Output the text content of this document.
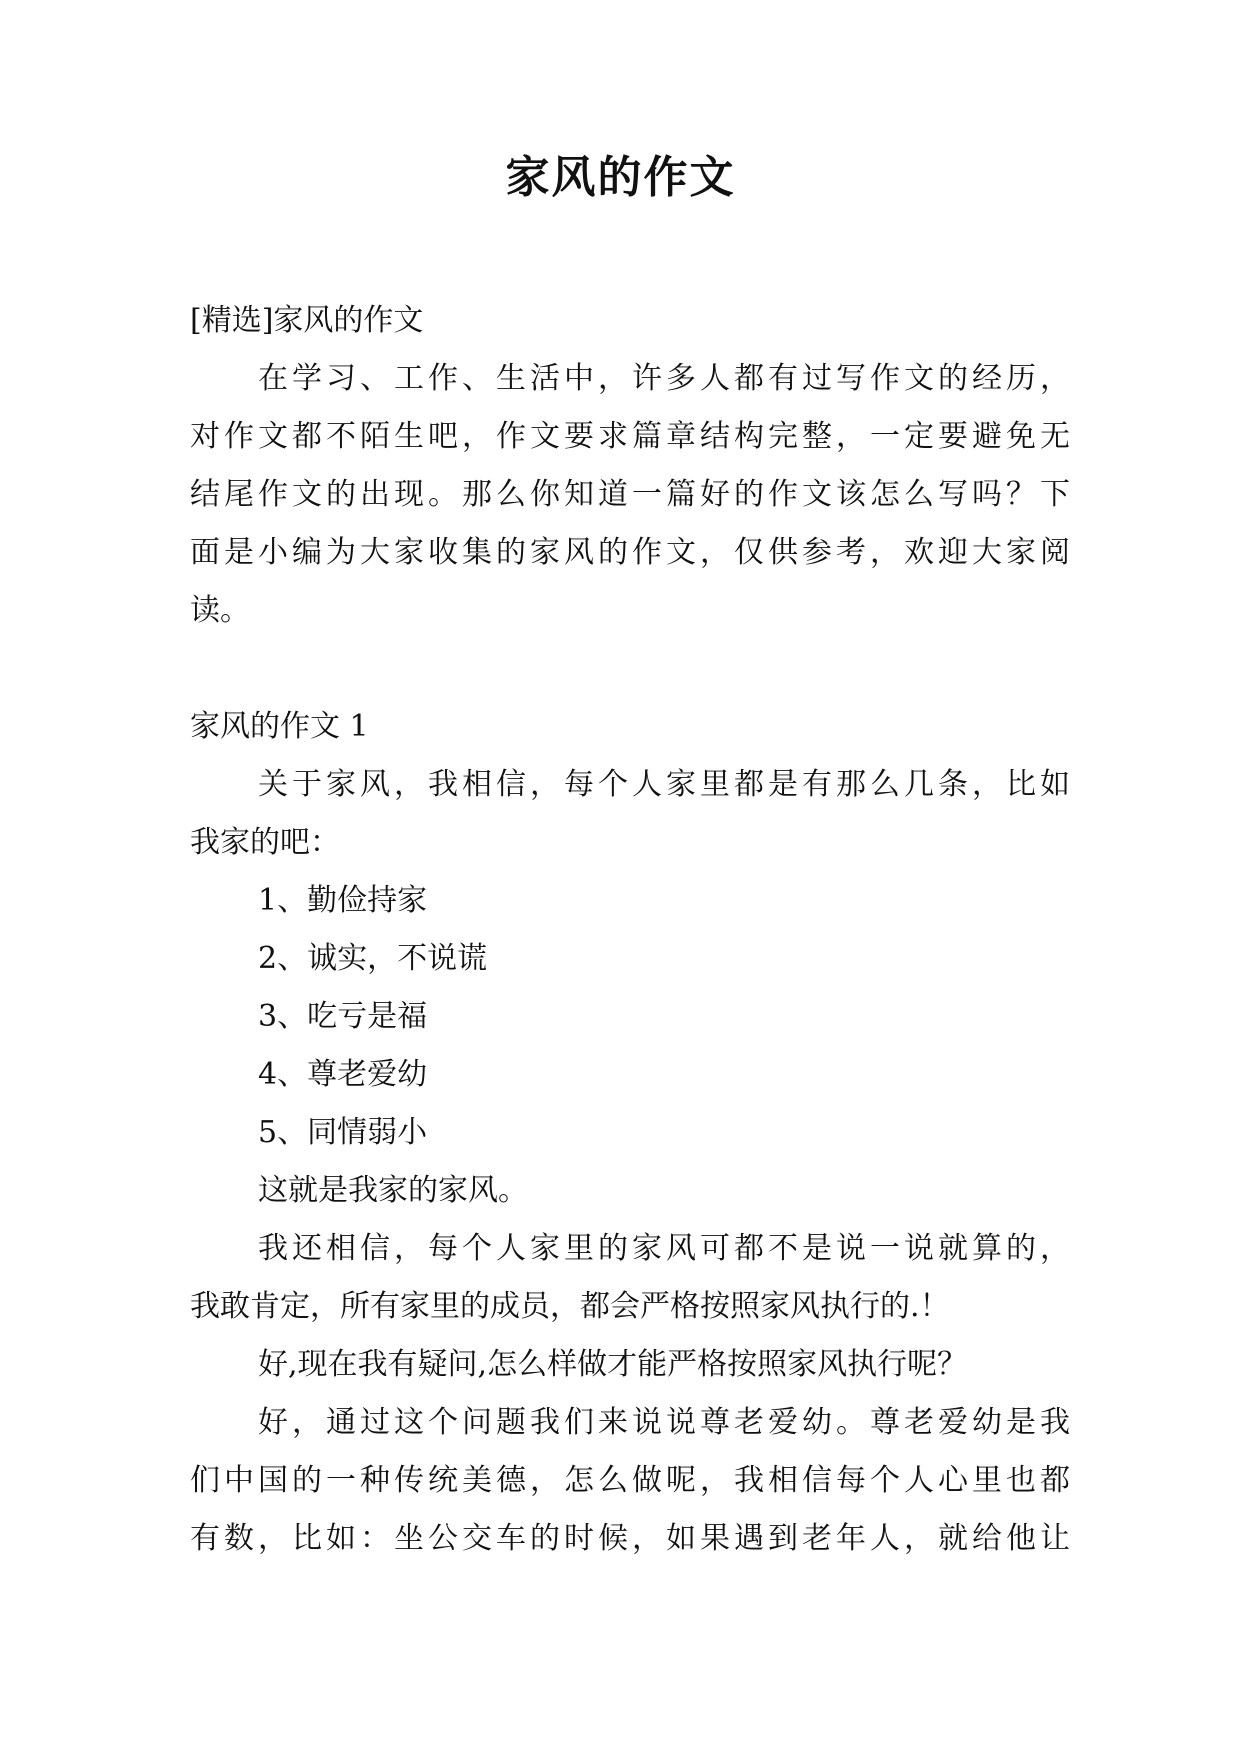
家风的作文
[精选]家风的作文
在学习、工作、生活中，许多人都有过写作文的经历，
对作文都不陌生吧，作文要求篇章结构完整，一定要避免无
结尾作文的出现。那么你知道一篇好的作文该怎么写吗？下
面是小编为大家收集的家风的作文，仅供参考，欢迎大家阅
读。
家风的作文 1
关于家风，我相信，每个人家里都是有那么几条，比如
我家的吧：
1、勤俭持家
2、诚实，不说谎
3、吃亏是福
4、尊老爱幼
5、同情弱小
这就是我家的家风。
我还相信，每个人家里的家风可都不是说一说就算的，
我敢肯定，所有家里的成员，都会严格按照家风执行的.！
好,现在我有疑问,怎么样做才能严格按照家风执行呢？
好，通过这个问题我们来说说尊老爱幼。尊老爱幼是我
们中国的一种传统美德，怎么做呢，我相信每个人心里也都
有数，比如：坐公交车的时候，如果遇到老年人，就给他让
